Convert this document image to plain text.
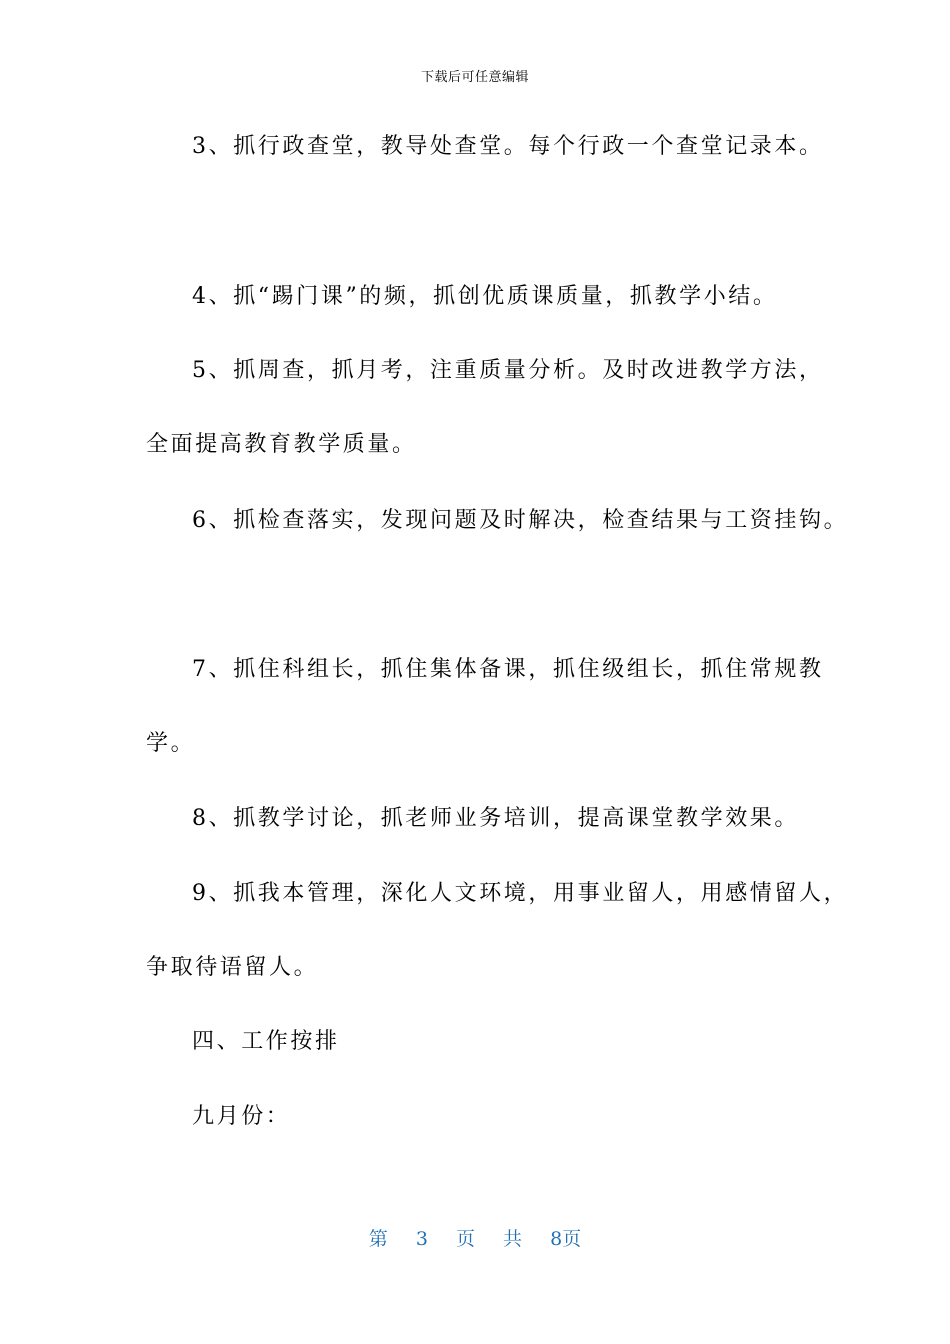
下载后可任意编辑
3、抓行政查堂，教导处查堂。每个行政一个查堂记录本。
4、抓“踢门课”的频，抓创优质课质量，抓教学小结。
5、抓周查，抓月考，注重质量分析。及时改进教学方法，
全面提高教育教学质量。
6、抓检查落实，发现问题及时解决，检查结果与工资挂钩。
7、抓住科组长，抓住集体备课，抓住级组长，抓住常规教
学。
8、抓教学讨论，抓老师业务培训，提高课堂教学效果。
9、抓我本管理，深化人文环境，用事业留人，用感情留人，
争取待语留人。
四、工作按排
九月份：
第 3 页 共 8页
